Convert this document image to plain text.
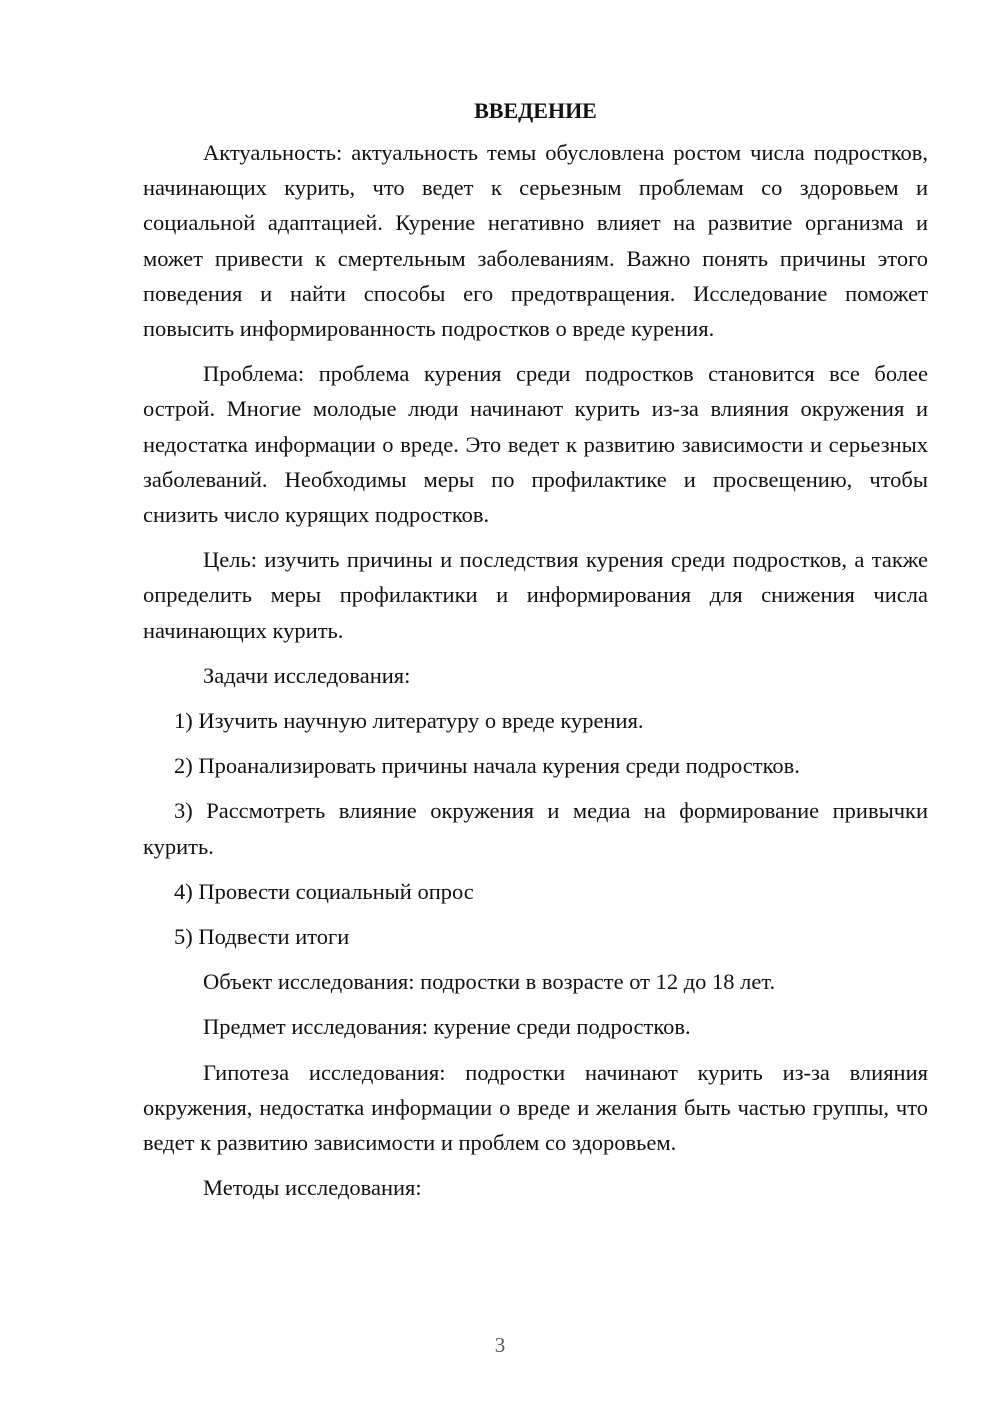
ВВЕДЕНИЕ

Актуальность: актуальность темы обусловлена ростом числа подростков, начинающих курить, что ведет к серьезным проблемам со здоровьем и социальной адаптацией. Курение негативно влияет на развитие организма и может привести к смертельным заболеваниям. Важно понять причины этого поведения и найти способы его предотвращения. Исследование поможет повысить информированность подростков о вреде курения.

Проблема: проблема курения среди подростков становится все более острой. Многие молодые люди начинают курить из-за влияния окружения и недостатка информации о вреде. Это ведет к развитию зависимости и серьезных заболеваний. Необходимы меры по профилактике и просвещению, чтобы снизить число курящих подростков.

Цель: изучить причины и последствия курения среди подростков, а также определить меры профилактики и информирования для снижения числа начинающих курить.

Задачи исследования:

1) Изучить научную литературу о вреде курения.

2) Проанализировать причины начала курения среди подростков.

3) Рассмотреть влияние окружения и медиа на формирование привычки курить.

4) Провести социальный опрос

5) Подвести итоги

Объект исследования: подростки в возрасте от 12 до 18 лет.

Предмет исследования: курение среди подростков.

Гипотеза исследования: подростки начинают курить из-за влияния окружения, недостатка информации о вреде и желания быть частью группы, что ведет к развитию зависимости и проблем со здоровьем.

Методы исследования:

3
